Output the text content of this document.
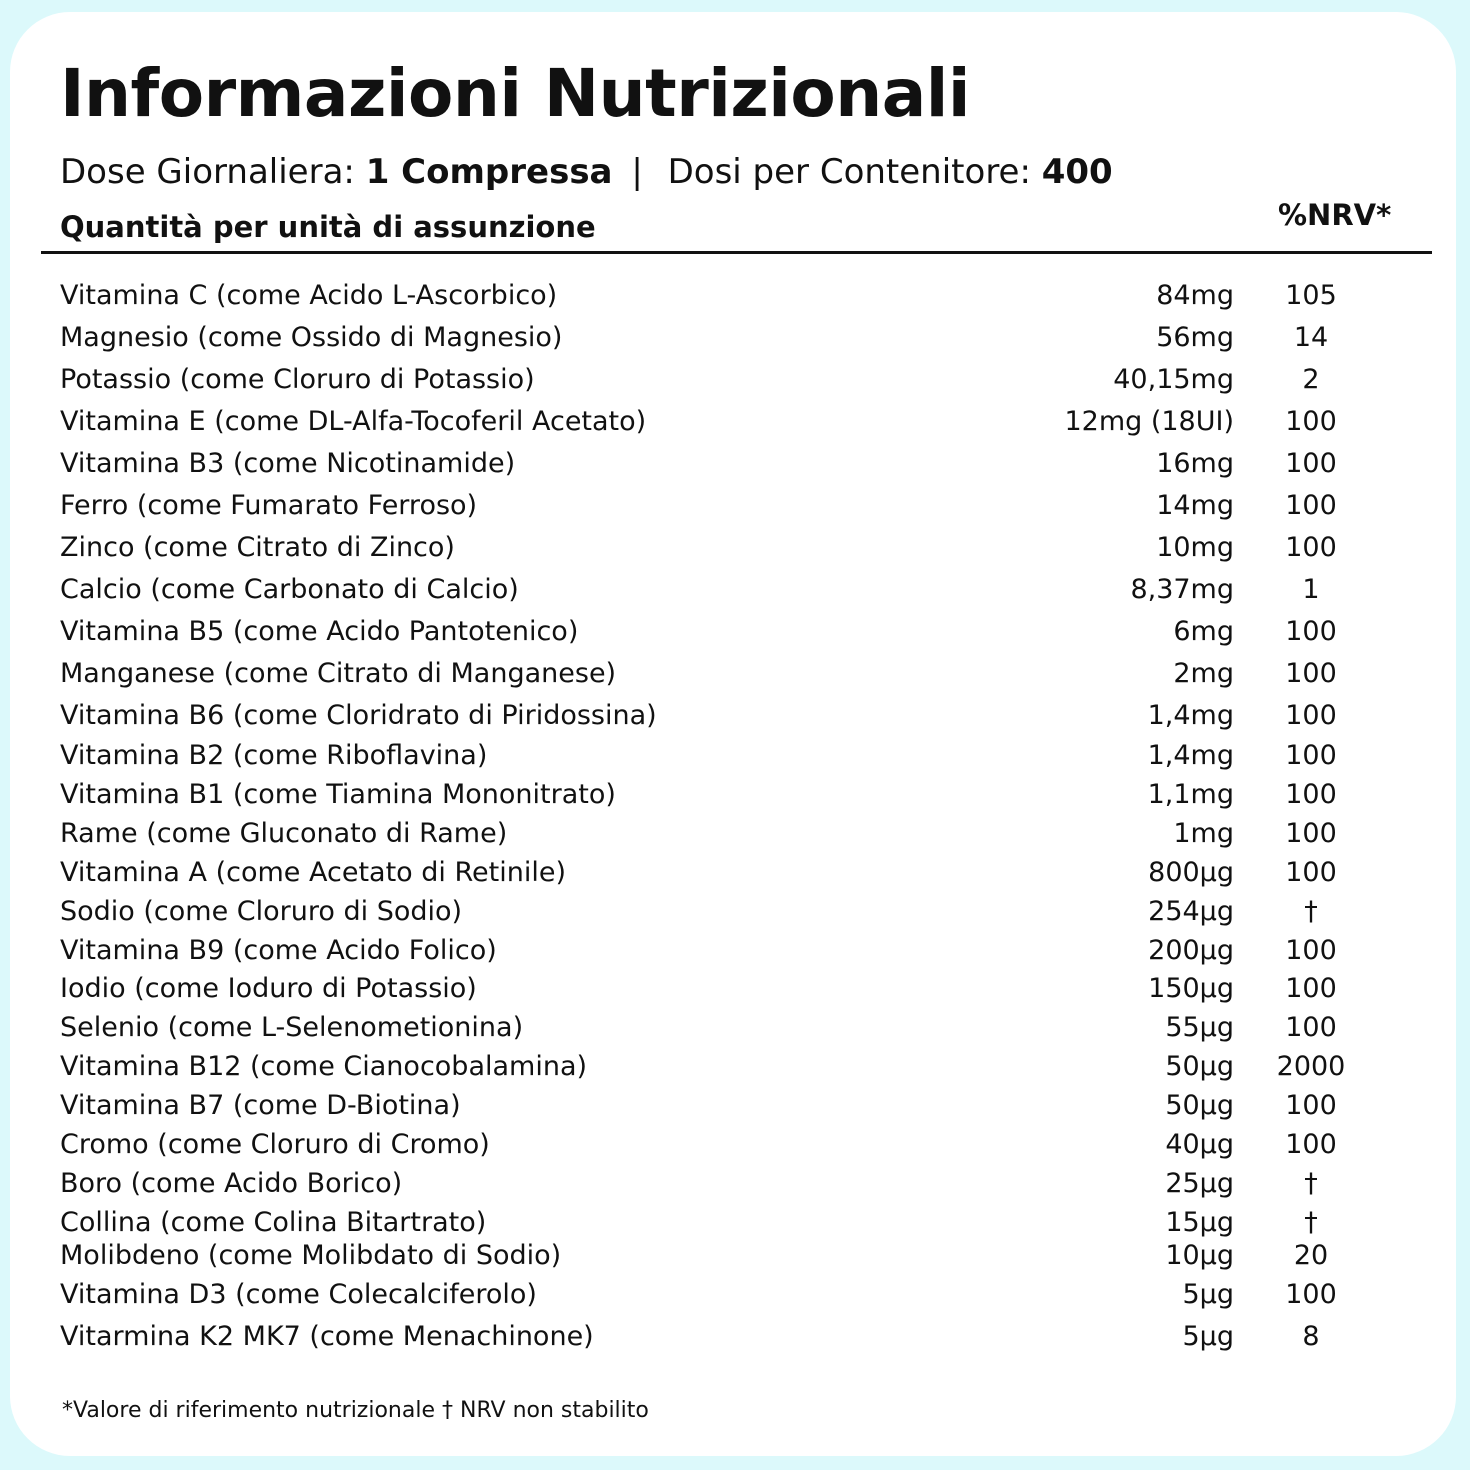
Informazioni Nutrizionali
Dose Giornaliera: 1 Compressa | Dosi per Contenitore: 400
Quantità per unità di assunzione	%NRV*
Vitamina C (come Acido L-Ascorbico)	84mg	105
Magnesio (come Ossido di Magnesio)	56mg	14
Potassio (come Cloruro di Potassio)	40,15mg	2
Vitamina E (come DL-Alfa-Tocoferil Acetato)	12mg (18UI)	100
Vitamina B3 (come Nicotinamide)	16mg	100
Ferro (come Fumarato Ferroso)	14mg	100
Zinco (come Citrato di Zinco)	10mg	100
Calcio (come Carbonato di Calcio)	8,37mg	1
Vitamina B5 (come Acido Pantotenico)	6mg	100
Manganese (come Citrato di Manganese)	2mg	100
Vitamina B6 (come Cloridrato di Piridossina)	1,4mg	100
Vitamina B2 (come Riboflavina)	1,4mg	100
Vitamina B1 (come Tiamina Mononitrato)	1,1mg	100
Rame (come Gluconato di Rame)	1mg	100
Vitamina A (come Acetato di Retinile)	800µg	100
Sodio (come Cloruro di Sodio)	254µg	†
Vitamina B9 (come Acido Folico)	200µg	100
Iodio (come Ioduro di Potassio)	150µg	100
Selenio (come L-Selenometionina)	55µg	100
Vitamina B12 (come Cianocobalamina)	50µg 2000
Vitamina B7 (come D-Biotina)	50µg	100
Cromo (come Cloruro di Cromo)	40µg	100
Boro (come Acido Borico)	25µg	†
Collina (come Colina Bitartrato)	15µg	†
Molibdeno (come Molibdato di Sodio)	10µg	20
Vitamina D3 (come Colecalciferolo)	5µg	100
Vitarmina K2 MK7 (come Menachinone)	5µg	8
*Valore di riferimento nutrizionale † NRV non stabilito
